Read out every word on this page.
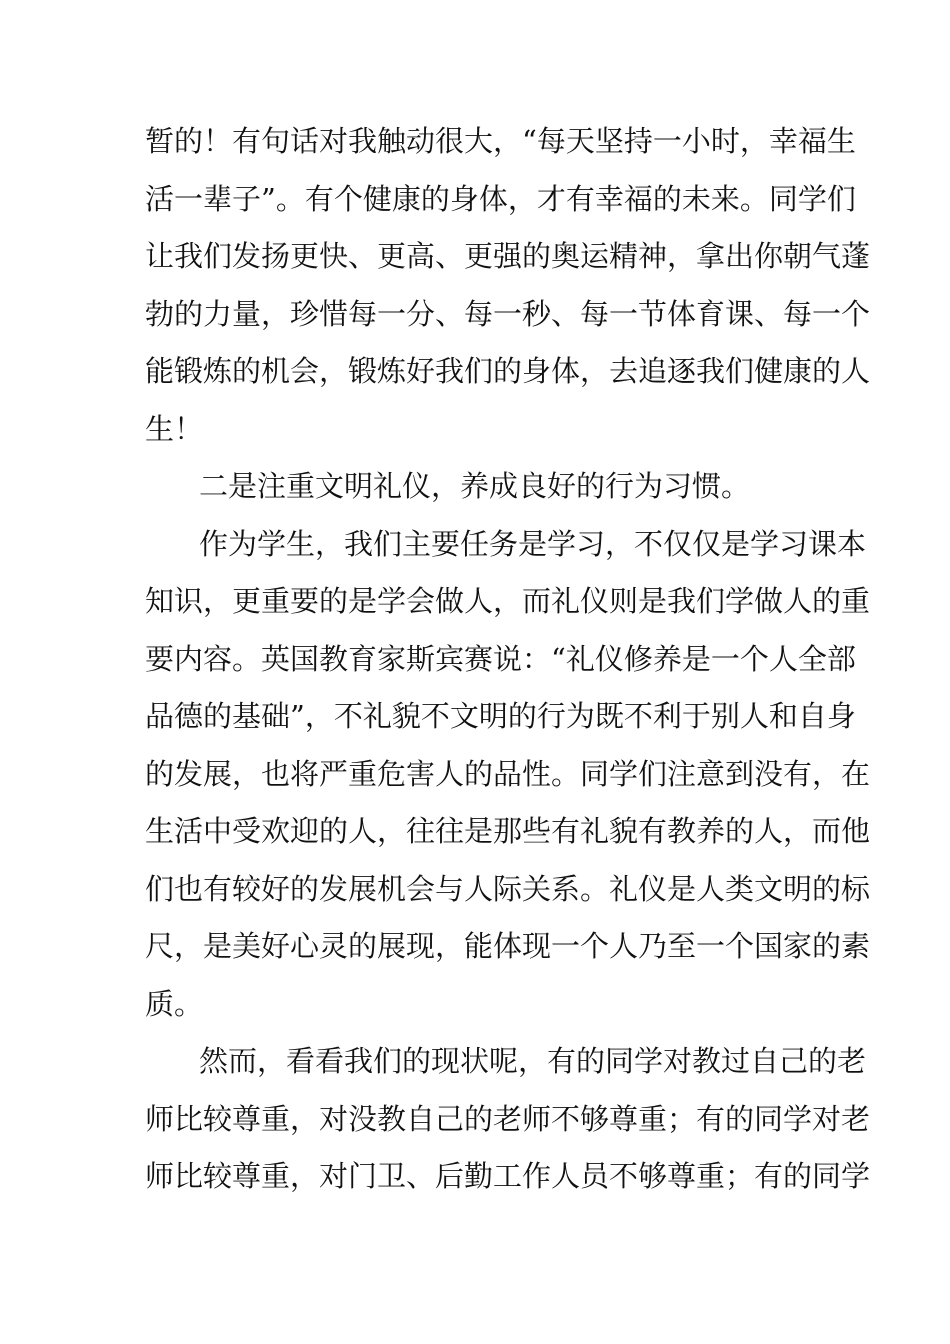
暂的！有句话对我触动很大，“每天坚持一小时，幸福生
活一辈子”。有个健康的身体，才有幸福的未来。同学们
让我们发扬更快、更高、更强的奥运精神，拿出你朝气蓬
勃的力量，珍惜每一分、每一秒、每一节体育课、每一个
能锻炼的机会，锻炼好我们的身体，去追逐我们健康的人
生！
二是注重文明礼仪，养成良好的行为习惯。
作为学生，我们主要任务是学习，不仅仅是学习课本
知识，更重要的是学会做人，而礼仪则是我们学做人的重
要内容。英国教育家斯宾赛说：“礼仪修养是一个人全部
品德的基础”，不礼貌不文明的行为既不利于别人和自身
的发展，也将严重危害人的品性。同学们注意到没有，在
生活中受欢迎的人，往往是那些有礼貌有教养的人，而他
们也有较好的发展机会与人际关系。礼仪是人类文明的标
尺，是美好心灵的展现，能体现一个人乃至一个国家的素
质。
然而，看看我们的现状呢，有的同学对教过自己的老
师比较尊重，对没教自己的老师不够尊重；有的同学对老
师比较尊重，对门卫、后勤工作人员不够尊重；有的同学
